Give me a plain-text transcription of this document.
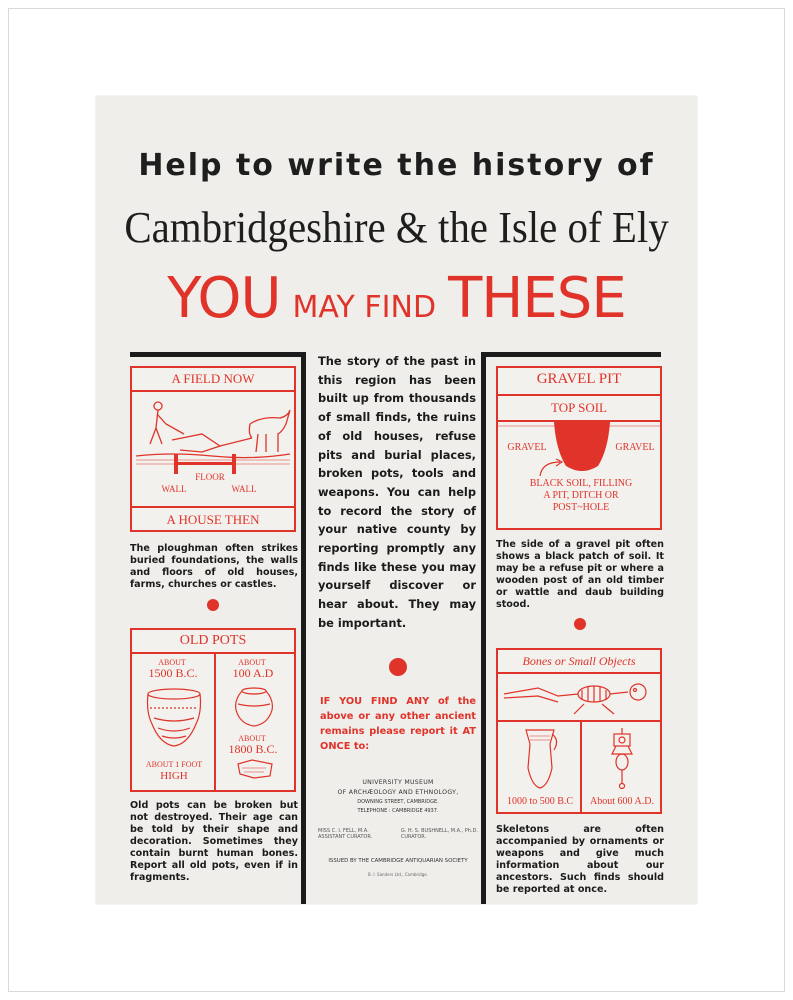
Help to write the history of
Cambridgeshire & the Isle of Ely
YOU MAY FIND THESE
A FIELD NOW
FLOOR
WALL	WALL
A HOUSE THEN
The ploughman often strikes buried foundations, the walls and floors of old houses, farms, churches or castles.
OLD POTS
ABOUT
1500 B.C.
ABOUT 1 FOOT
HIGH
ABOUT
100 A.D
ABOUT
1800 B.C.
Old pots can be broken but not destroyed. Their age can be told by their shape and decoration. Sometimes they contain burnt human bones. Report all old pots, even if in fragments.
The story of the past in this region has been built up from thousands of small finds, the ruins of old houses, refuse pits and burial places, broken pots, tools and weapons. You can help to record the story of your native county by reporting promptly any finds like these you may yourself discover or hear about. They may be important.
IF YOU FIND ANY of the above or any other ancient remains please report it AT ONCE to:
UNIVERSITY MUSEUM
OF ARCHÆOLOGY AND ETHNOLOGY,
DOWNING STREET, CAMBRIDGE.
TELEPHONE : CAMBRIDGE 4937.
MISS C. I. FELL, M.A.
ASSISTANT CURATOR.
G. H. S. BUSHNELL, M.A., Ph.D.
CURATOR.
ISSUED BY THE CAMBRIDGE ANTIQUARIAN SOCIETY
B. I. Sanders Ltd., Cambridge.
GRAVEL PIT
TOP SOIL
GRAVEL	GRAVEL
BLACK SOIL, FILLING
A PIT, DITCH OR
POST~HOLE
The side of a gravel pit often shows a black patch of soil. It may be a refuse pit or where a wooden post of an old timber or wattle and daub building stood.
Bones or Small Objects
1000 to 500 B.C	About 600 A.D.
Skeletons are often accompanied by ornaments or weapons and give much information about our ancestors. Such finds should be reported at once.
